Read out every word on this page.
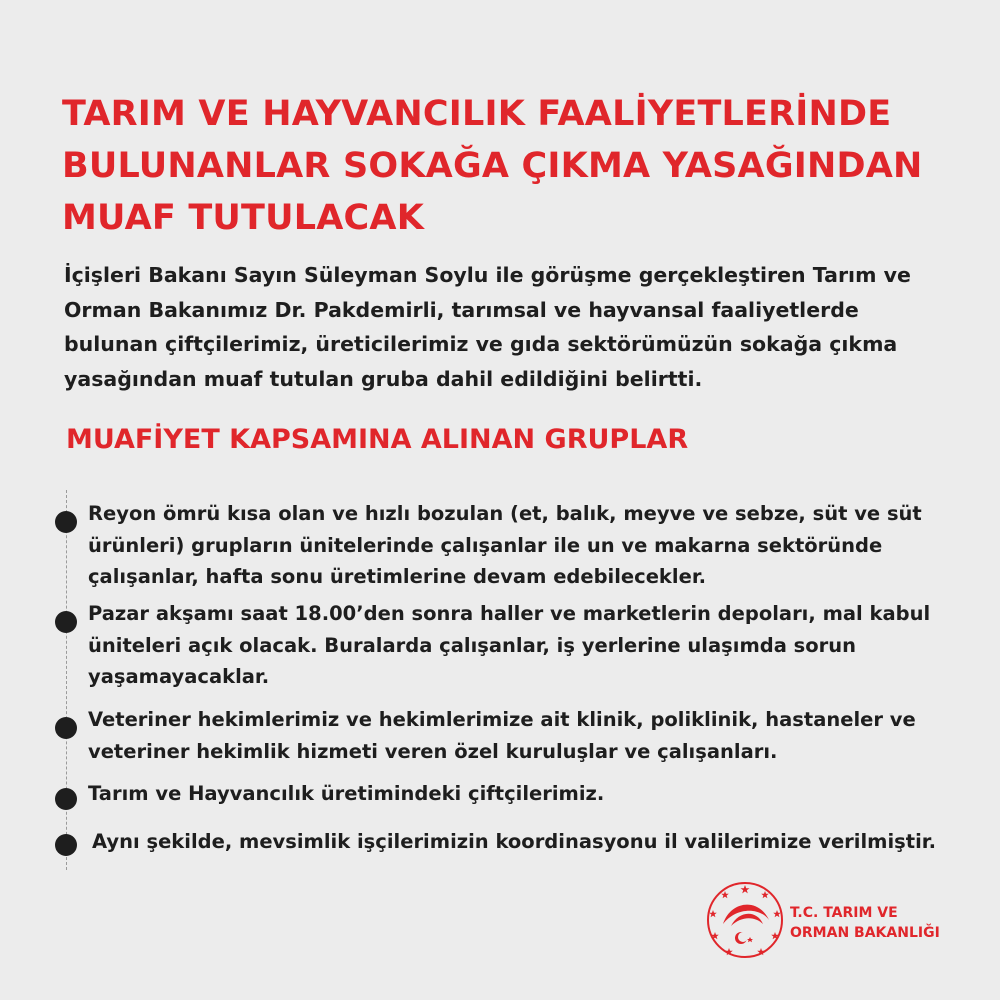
TARIM VE HAYVANCILIK FAALİYETLERİNDE BULUNANLAR SOKAĞA ÇIKMA YASAĞINDAN MUAF TUTULACAK

İçişleri Bakanı Sayın Süleyman Soylu ile görüşme gerçekleştiren Tarım ve Orman Bakanımız Dr. Pakdemirli, tarımsal ve hayvansal faaliyetlerde bulunan çiftçilerimiz, üreticilerimiz ve gıda sektörümüzün sokağa çıkma yasağından muaf tutulan gruba dahil edildiğini belirtti.

MUAFİYET KAPSAMINA ALINAN GRUPLAR

Reyon ömrü kısa olan ve hızlı bozulan (et, balık, meyve ve sebze, süt ve süt ürünleri) grupların ünitelerinde çalışanlar ile un ve makarna sektöründe çalışanlar, hafta sonu üretimlerine devam edebilecekler.

Pazar akşamı saat 18.00’den sonra haller ve marketlerin depoları, mal kabul üniteleri açık olacak. Buralarda çalışanlar, iş yerlerine ulaşımda sorun yaşamayacaklar.

Veteriner hekimlerimiz ve hekimlerimize ait klinik, poliklinik, hastaneler ve veteriner hekimlik hizmeti veren özel kuruluşlar ve çalışanları.

Tarım ve Hayvancılık üretimindeki çiftçilerimiz.

Aynı şekilde, mevsimlik işçilerimizin koordinasyonu il valilerimize verilmiştir.

T.C. TARIM VE
ORMAN BAKANLIĞI
